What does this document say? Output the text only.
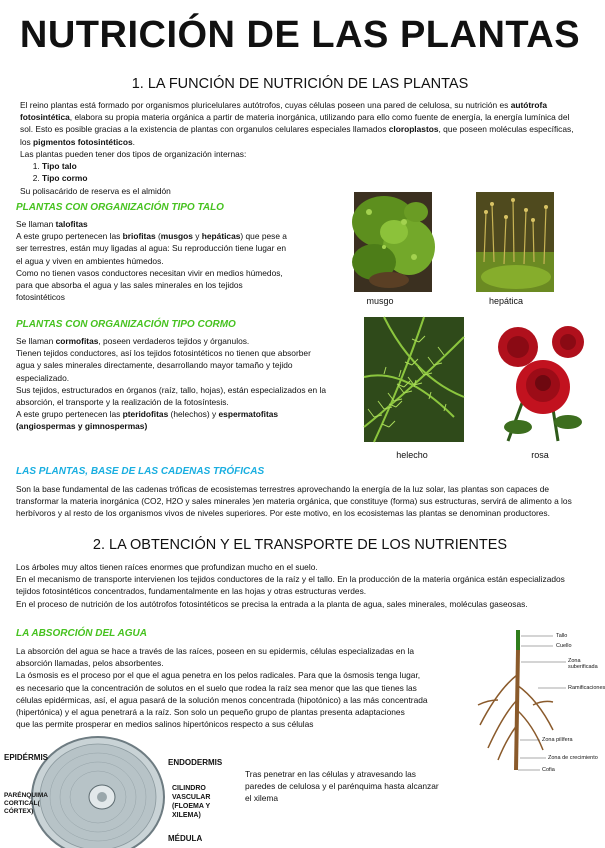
NUTRICIÓN DE LAS PLANTAS
1. LA FUNCIÓN DE NUTRICIÓN DE LAS PLANTAS
El reino plantas está formado por organismos pluricelulares autótrofos, cuyas células poseen una pared de celulosa, su nutrición es autótrofa fotosintética, elabora su propia materia orgánica a partir de materia inorgánica, utilizando para ello como fuente de energía, la energía lumínica del sol. Esto es posible gracias a la existencia de plantas con organulos celulares especiales llamados cloroplastos, que poseen moléculas específicas, los pigmentos fotosintéticos.
Las plantas pueden tener dos tipos de organización internas:
1. Tipo talo
2. Tipo cormo
Su polisacárido de reserva es el almidón
PLANTAS CON ORGANIZACIÓN TIPO TALO
Se llaman talofitas
A este grupo pertenecen las briofitas (musgos y hepáticas) que pese a
ser terrestres, están muy ligadas al agua: Su reproducción tiene lugar en
el agua y viven en ambientes húmedos.
Como no tienen vasos conductores necesitan vivir en medios húmedos,
para que absorba el agua y las sales minerales en los tejidos
fotosintéticos	musgo	hepática
PLANTAS CON ORGANIZACIÓN TIPO CORMO
Se llaman cormofitas, poseen verdaderos tejidos y órganulos.
Tienen tejidos conductores, así los tejidos fotosintéticos no tienen que absorber
agua y sales minerales directamente, desarrollando mayor tamaño y tejido
especializado.
Sus tejidos, estructurados en órganos (raíz, tallo, hojas), están especializados en la
absorción, el transporte y la realización de la fotosíntesis.
A este grupo pertenecen las pteridofitas (helechos) y espermatofitas
(angiospermas y gimnospermas)
helecho	rosa
LAS PLANTAS, BASE DE LAS CADENAS TRÓFICAS
Son la base fundamental de las cadenas tróficas de ecosistemas terrestres aprovechando la energía de la luz solar, las plantas son capaces de transformar la materia inorgánica (CO2, H2O y sales minerales )en materia orgánica, que constituye (forma) sus estructuras, servirá de alimento a los herbívoros y al resto de los organismos vivos de niveles superiores. Por este motivo, en los ecosistemas las plantas se denominan productores.
2. LA OBTENCIÓN Y EL TRANSPORTE DE LOS NUTRIENTES
Los árboles muy altos tienen raíces enormes que profundizan mucho en el suelo.
En el mecanismo de transporte intervienen los tejidos conductores de la raíz y el tallo. En la producción de la materia orgánica están especializados tejidos fotosintéticos concentrados, fundamentalmente en las hojas y otras estructuras verdes.
En el proceso de nutrición de los autótrofos fotosintéticos se precisa la entrada a la planta de agua, sales minerales, moléculas gaseosas.
LA ABSORCIÓN DEL AGUA
La absorción del agua se hace a través de las raíces, poseen en su epidermis, células especializadas en la
absorción llamadas, pelos absorbentes.
La ósmosis es el proceso por el que el agua penetra en los pelos radicales. Para que la ósmosis tenga lugar,
es necesario que la concentración de solutos en el suelo que rodea la raíz sea menor que las que tienes las
células epidérmicas, así, el agua pasará de la solución menos concentrada (hipotónico) a las más concentrada
(hipertónica) y el agua penetrará a la raíz. Son solo un pequeño grupo de plantas presenta adaptaciones
que las permite prosperar en medios salinos hipertónicos respecto a sus células
Tallo
Cuello
Zona suberificada
Ramificaciones
Zona pilífera
Zona de crecimiento
Cofia
EPIDÉRMIS
PARÉNQUIMA
CORTICAL(
CÓRTEX)
ENDODERMIS
CILINDRO
VASCULAR
(FLOEMA Y
XILEMA)
MÉDULA
Tras penetrar en las células y atravesando las paredes de celulosa y el parénquima hasta alcanzar el xilema
